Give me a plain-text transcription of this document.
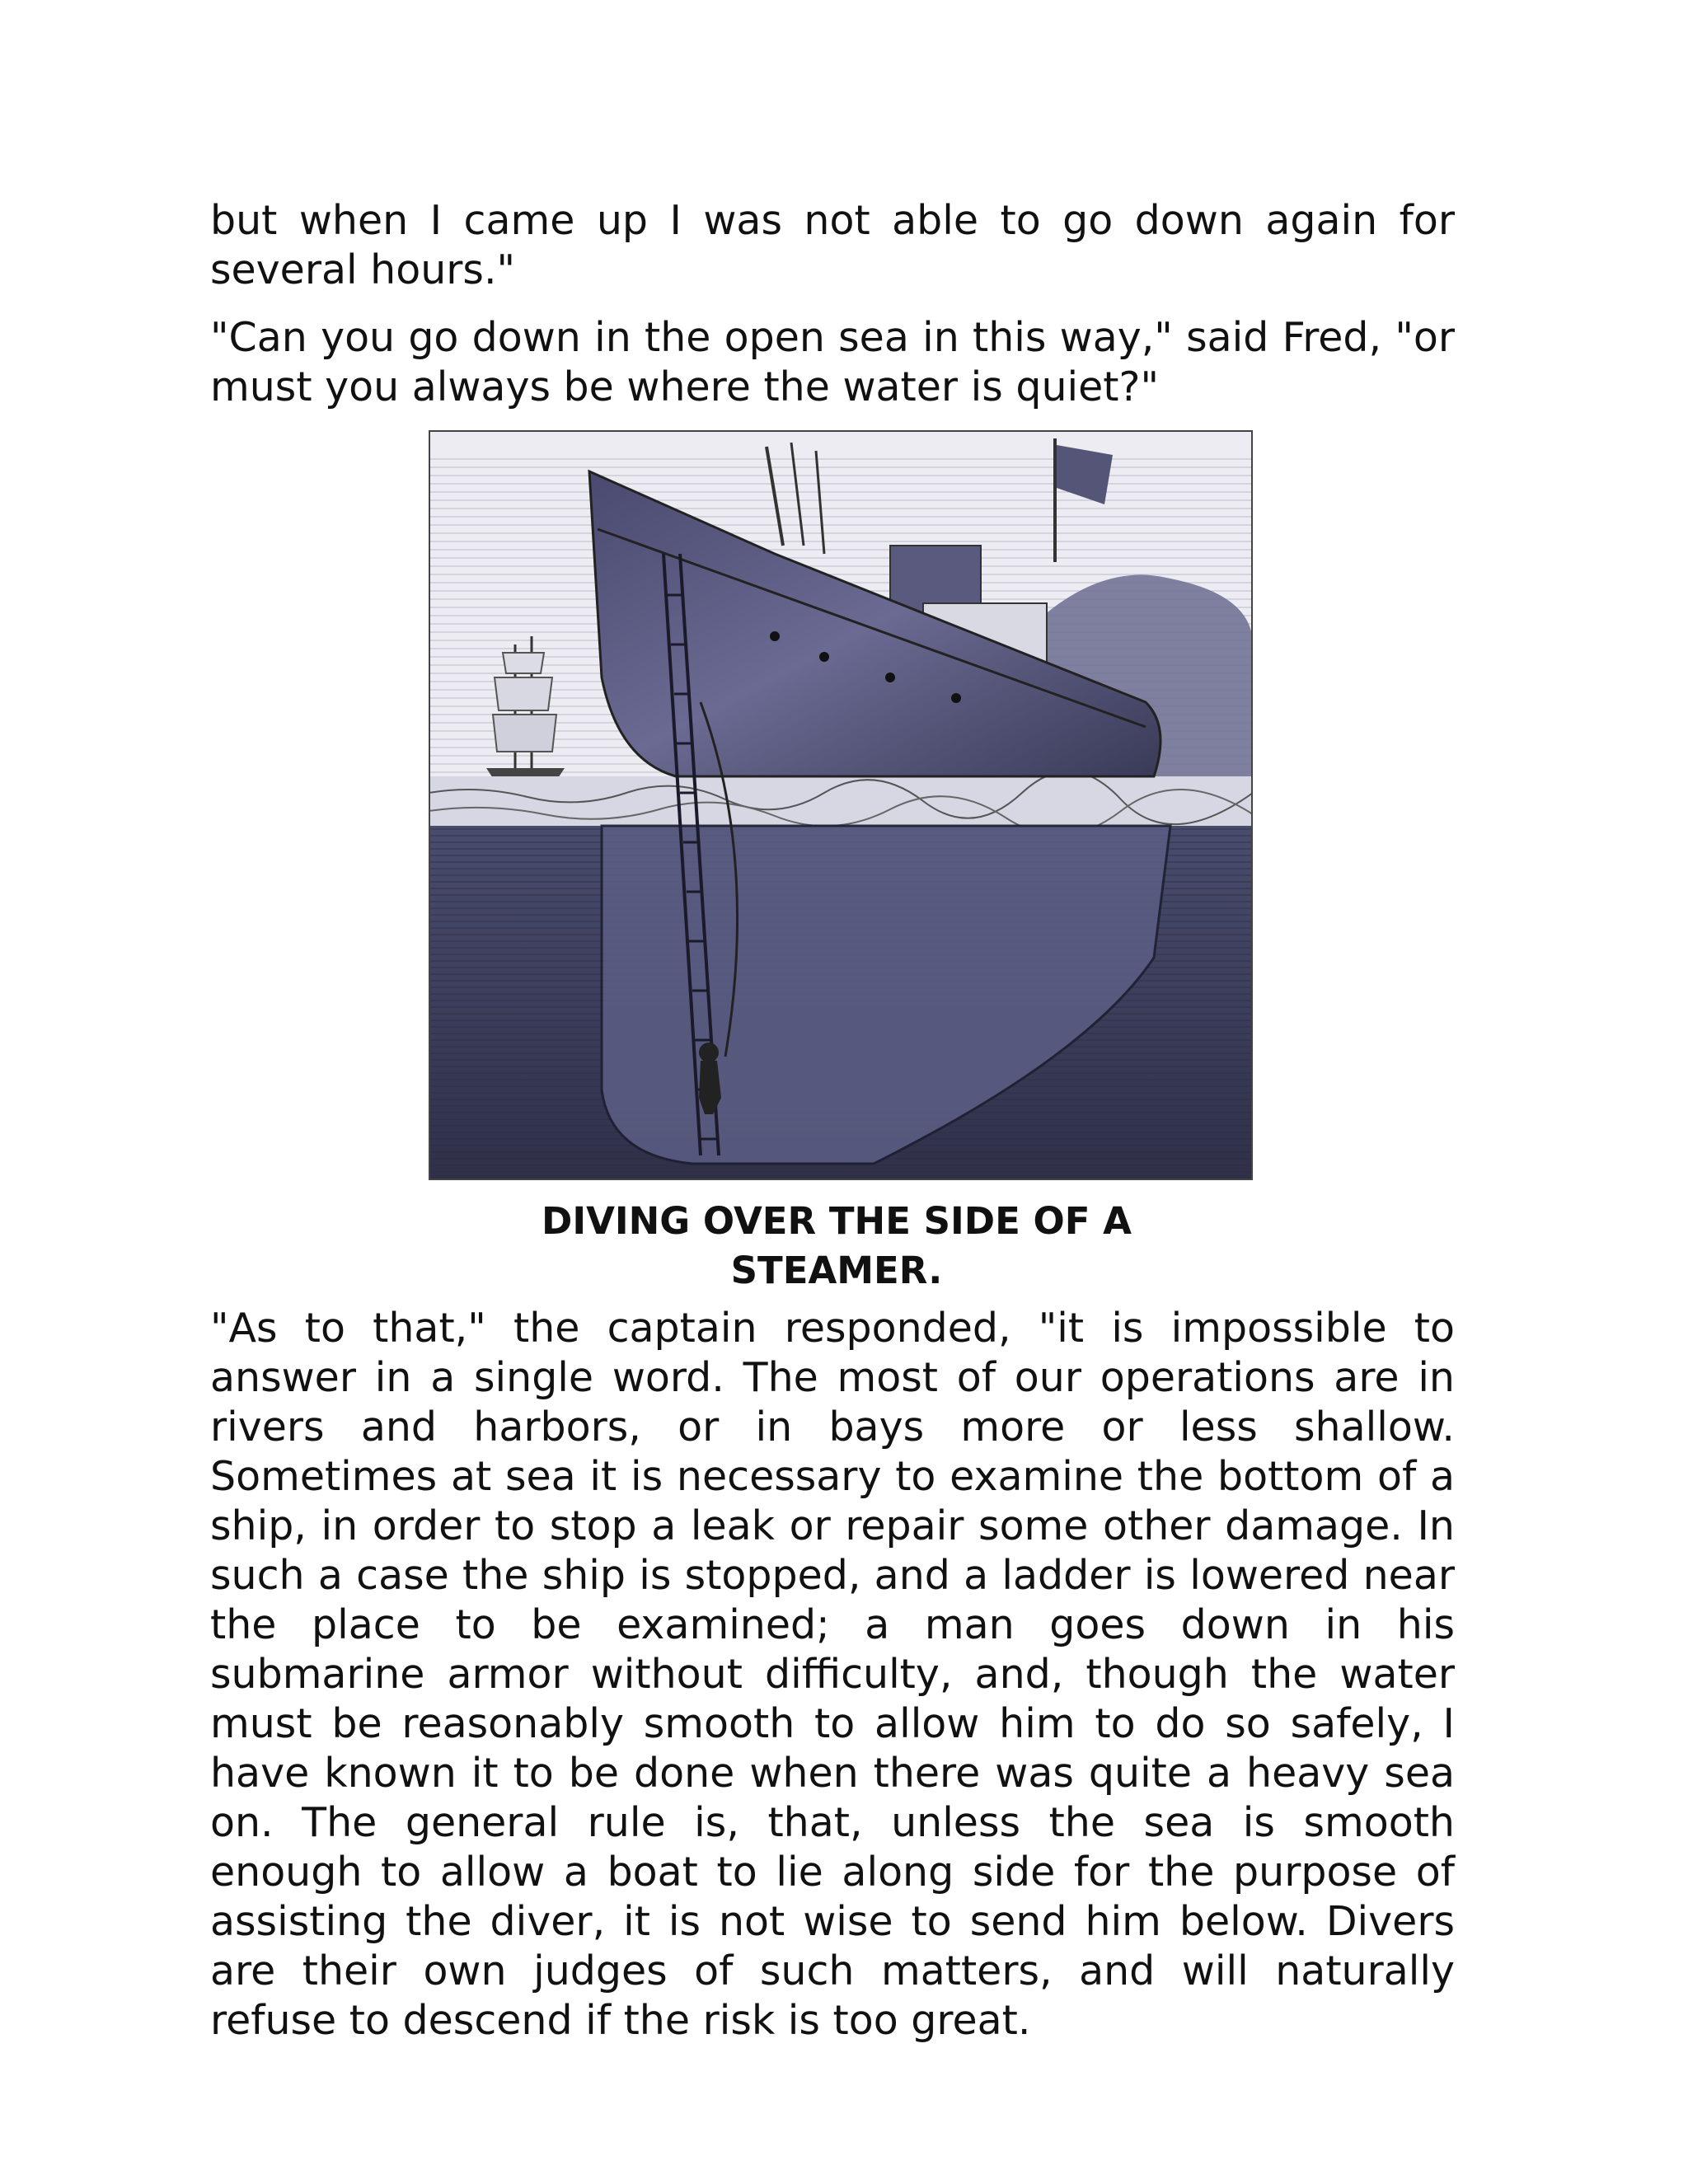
but when I came up I was not able to go down again for several hours."

"Can you go down in the open sea in this way," said Fred, "or must you always be where the water is quiet?"

DIVING OVER THE SIDE OF A
STEAMER.

"As to that," the captain responded, "it is impossible to answer in a single word. The most of our operations are in rivers and harbors, or in bays more or less shallow. Sometimes at sea it is necessary to examine the bottom of a ship, in order to stop a leak or repair some other damage. In such a case the ship is stopped, and a ladder is lowered near the place to be examined; a man goes down in his submarine armor without difficulty, and, though the water must be reasonably smooth to allow him to do so safely, I have known it to be done when there was quite a heavy sea on. The general rule is, that, unless the sea is smooth enough to allow a boat to lie along side for the purpose of assisting the diver, it is not wise to send him below. Divers are their own judges of such matters, and will naturally refuse to descend if the risk is too great.
